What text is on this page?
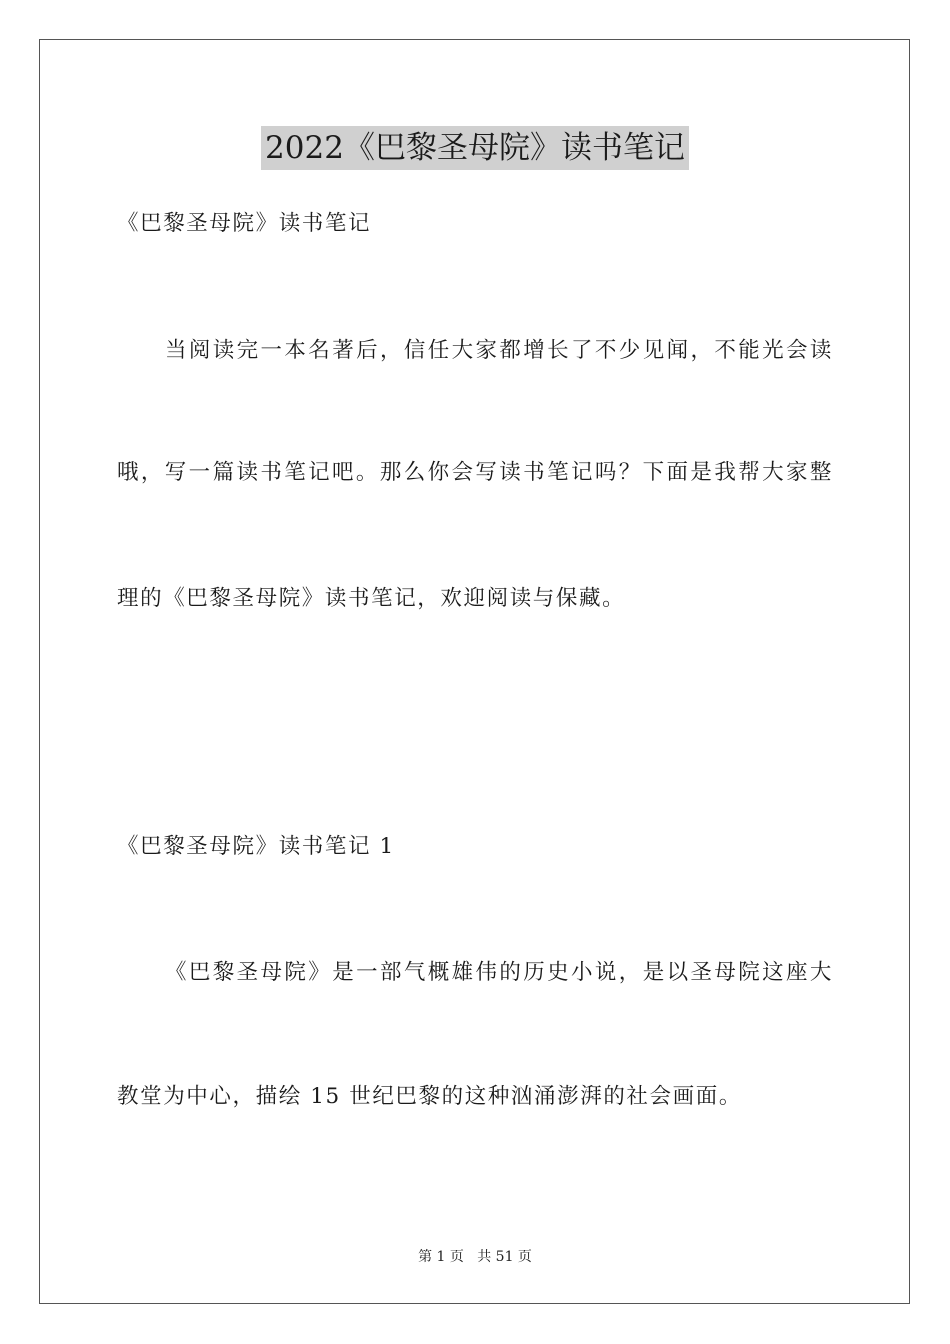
2022《巴黎圣母院》读书笔记
《巴黎圣母院》读书笔记
当阅读完一本名著后，信任大家都增长了不少见闻，不能光会读
哦，写一篇读书笔记吧。那么你会写读书笔记吗？下面是我帮大家整
理的《巴黎圣母院》读书笔记，欢迎阅读与保藏。
《巴黎圣母院》读书笔记 1
《巴黎圣母院》是一部气概雄伟的历史小说，是以圣母院这座大
教堂为中心，描绘 15 世纪巴黎的这种汹涌澎湃的社会画面。
第 1 页   共 51 页
